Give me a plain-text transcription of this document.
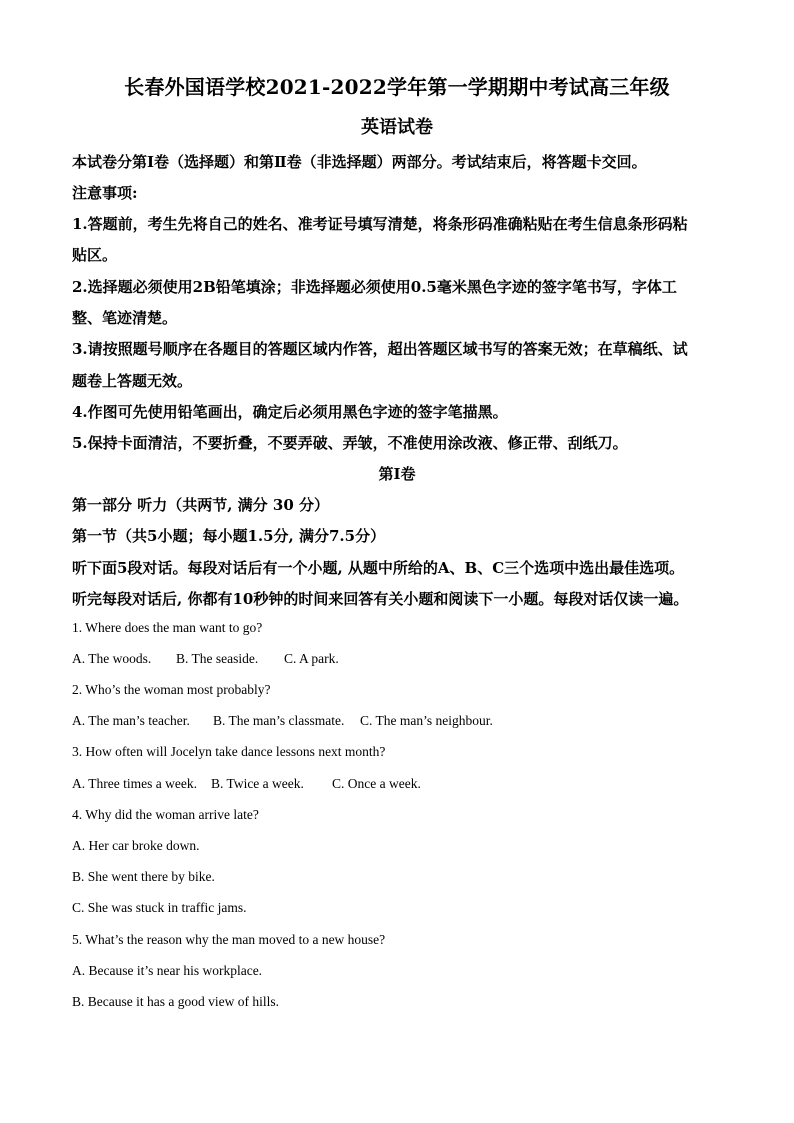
长春外国语学校2021-2022学年第一学期期中考试高三年级
英语试卷
本试卷分第Ⅰ卷（选择题）和第Ⅱ卷（非选择题）两部分。考试结束后，将答题卡交回。
注意事项:
1.答题前，考生先将自己的姓名、准考证号填写清楚，将条形码准确粘贴在考生信息条形码粘
贴区。
2.选择题必须使用2B铅笔填涂；非选择题必须使用0.5毫米黑色字迹的签字笔书写，字体工
整、笔迹清楚。
3.请按照题号顺序在各题目的答题区域内作答，超出答题区域书写的答案无效；在草稿纸、试
题卷上答题无效。
4.作图可先使用铅笔画出，确定后必须用黑色字迹的签字笔描黑。
5.保持卡面清洁，不要折叠，不要弄破、弄皱，不准使用涂改液、修正带、刮纸刀。
第Ⅰ卷
第一部分 听力（共两节, 满分 30 分）
第一节（共5小题；每小题1.5分, 满分7.5分）
听下面5段对话。每段对话后有一个小题, 从题中所给的A、B、C三个选项中选出最佳选项。
听完每段对话后, 你都有10秒钟的时间来回答有关小题和阅读下一小题。每段对话仅读一遍。
1. Where does the man want to go?
A. The woods. B. The seaside. C. A park.
2. Who’s the woman most probably?
A. The man’s teacher. B. The man’s classmate. C. The man’s neighbour.
3. How often will Jocelyn take dance lessons next month?
A. Three times a week. B. Twice a week. C. Once a week.
4. Why did the woman arrive late?
A. Her car broke down.
B. She went there by bike.
C. She was stuck in traffic jams.
5. What’s the reason why the man moved to a new house?
A. Because it’s near his workplace.
B. Because it has a good view of hills.
